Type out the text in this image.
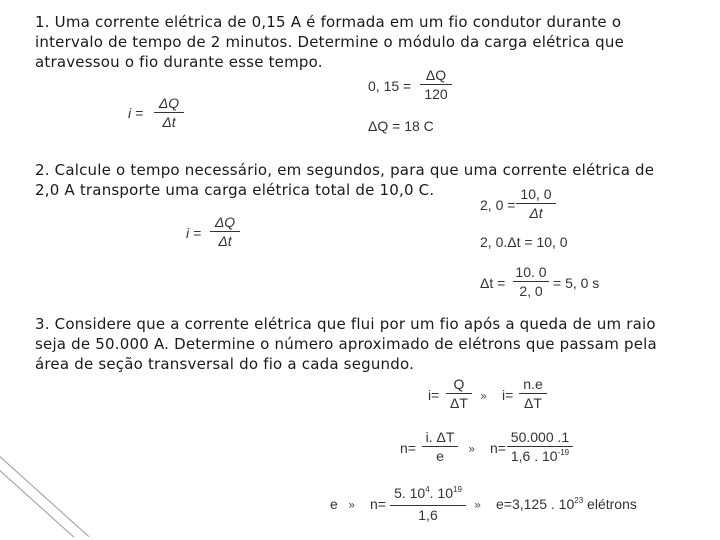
1. Uma corrente elétrica de 0,15 A é formada em um fio condutor durante o intervalo de tempo de 2 minutos. Determine o módulo da carga elétrica que atravessou o fio durante esse tempo.
i =
ΔQ
Δt
0, 15 =
ΔQ
120
ΔQ = 18 C
2. Calcule o tempo necessário, em segundos, para que uma corrente elétrica de 2,0 A transporte uma carga elétrica total de 10,0 C.
i =
ΔQ
Δt
2, 0 =
10, 0
Δt
2, 0.Δt = 10, 0
Δt =
10. 0
2, 0 = 5, 0 s
3. Considere que a corrente elétrica que flui por um fio após a queda de um raio seja de 50.000 A. Determine o número aproximado de elétrons que passam pela área de seção transversal do fio a cada segundo.
i=
Q
ΔT	» i=
n.e
ΔT
n=
i. ΔT
e	» n=
50.000 .1
1,6 . $10^{-19}$
e » n=
5. $10^4$. $10^{19}$
1,6
» e=3,125 . $10^{23}$ elétrons
